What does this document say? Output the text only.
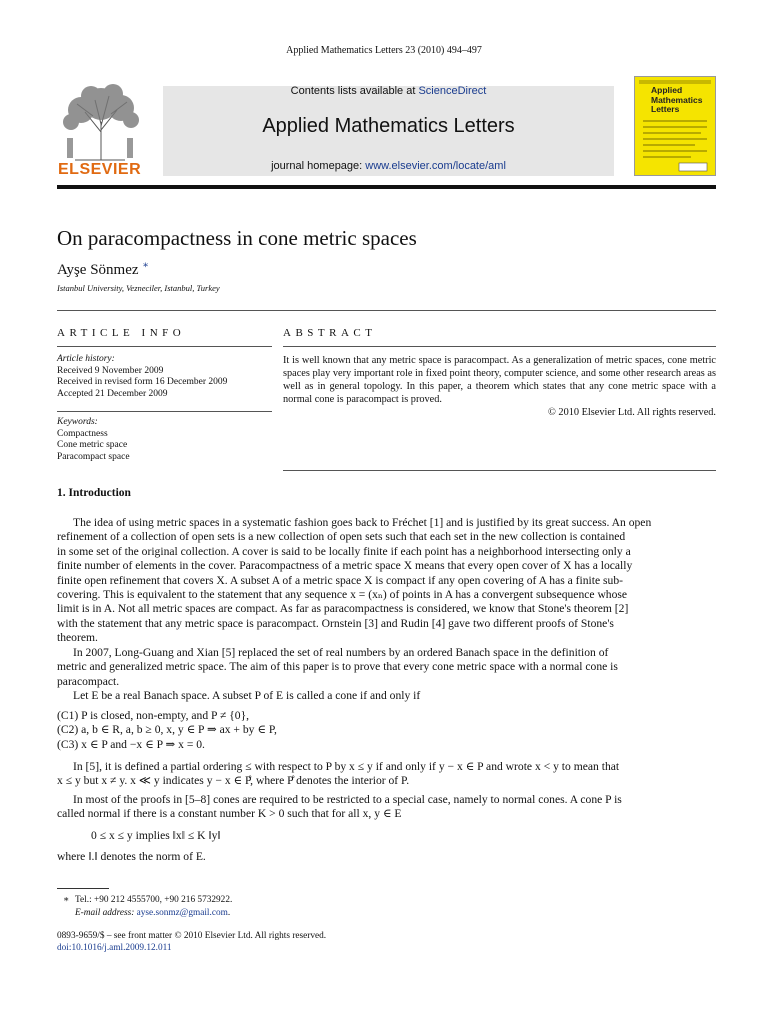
Applied Mathematics Letters 23 (2010) 494–497
ELSEVIER
Contents lists available at ScienceDirect
Applied Mathematics Letters
journal homepage: www.elsevier.com/locate/aml
Applied
Mathematics
Letters
On paracompactness in cone metric spaces
Ayşe Sönmez ∗
Istanbul University, Vezneciler, Istanbul, Turkey
ARTICLE INFO
Article history:
Received 9 November 2009
Received in revised form 16 December 2009
Accepted 21 December 2009
Keywords:
Compactness
Cone metric space
Paracompact space
ABSTRACT
It is well known that any metric space is paracompact. As a generalization of metric spaces, cone metric spaces play very important role in fixed point theory, computer science, and some other research areas as well as in general topology. In this paper, a theorem which states that any cone metric space with a normal cone is paracompact is proved.
© 2010 Elsevier Ltd. All rights reserved.
1. Introduction
The idea of using metric spaces in a systematic fashion goes back to Fréchet [1] and is justified by its great success. An open
refinement of a collection of open sets is a new collection of open sets such that each set in the new collection is contained
in some set of the original collection. A cover is said to be locally finite if each point has a neighborhood intersecting only a
finite number of elements in the cover. Paracompactness of a metric space X means that every open cover of X has a locally
finite open refinement that covers X. A subset A of a metric space X is compact if any open covering of A has a finite sub-
covering. This is equivalent to the statement that any sequence x = (xₙ) of points in A has a convergent subsequence whose
limit is in A. Not all metric spaces are compact. As far as paracompactness is considered, we know that Stone's theorem [2]
with the statement that any metric space is paracompact. Ornstein [3] and Rudin [4] gave two different proofs of Stone's
theorem.
In 2007, Long-Guang and Xian [5] replaced the set of real numbers by an ordered Banach space in the definition of
metric and generalized metric space. The aim of this paper is to prove that every cone metric space with a normal cone is
paracompact.
Let E be a real Banach space. A subset P of E is called a cone if and only if
(C1) P is closed, non-empty, and P ≠ {0},
(C2) a, b ∈ R, a, b ≥ 0, x, y ∈ P ⇒ ax + by ∈ P,
(C3) x ∈ P and −x ∈ P ⇒ x = 0.
In [5], it is defined a partial ordering ≤ with respect to P by x ≤ y if and only if y − x ∈ P and wrote x < y to mean that
x ≤ y but x ≠ y. x ≪ y indicates y − x ∈ P̊, where P̊ denotes the interior of P.
In most of the proofs in [5–8] cones are required to be restricted to a special case, namely to normal cones. A cone P is
called normal if there is a constant number K > 0 such that for all x, y ∈ E
0 ≤ x ≤ y implies ‖x‖ ≤ K ‖y‖
where ‖.‖ denotes the norm of E.
∗ Tel.: +90 212 4555700, +90 216 5732922.
E-mail address: ayse.sonmz@gmail.com.
0893-9659/$ – see front matter © 2010 Elsevier Ltd. All rights reserved.
doi:10.1016/j.aml.2009.12.011
